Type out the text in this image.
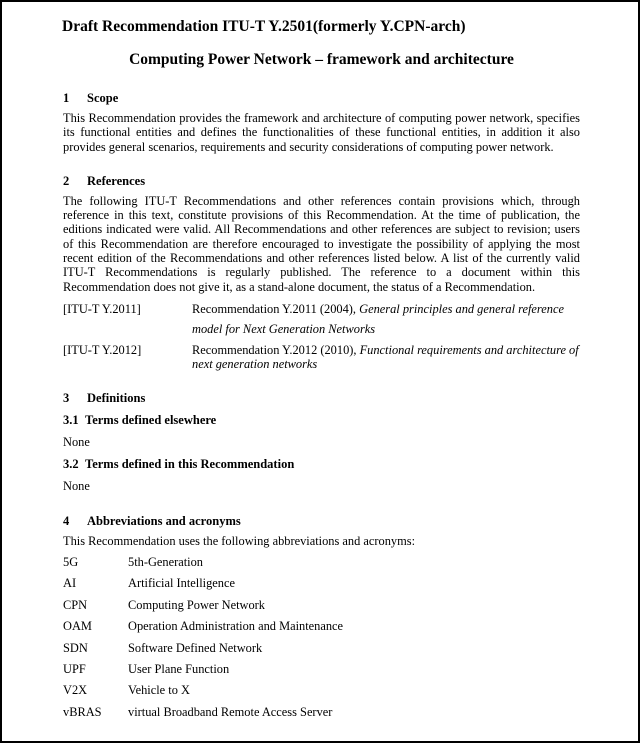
Draft Recommendation ITU-T Y.2501(formerly Y.CPN-arch)
Computing Power Network – framework and architecture
1	Scope

This Recommendation provides the framework and architecture of computing power network, specifies its functional entities and defines the functionalities of these functional entities, in addition it also provides general scenarios, requirements and security considerations of computing power network.

2	References

The following ITU-T Recommendations and other references contain provisions which, through reference in this text, constitute provisions of this Recommendation. At the time of publication, the editions indicated were valid. All Recommendations and other references are subject to revision; users of this Recommendation are therefore encouraged to investigate the possibility of applying the most recent edition of the Recommendations and other references listed below. A list of the currently valid ITU-T Recommendations is regularly published. The reference to a document within this Recommendation does not give it, as a stand-alone document, the status of a Recommendation.

[ITU-T Y.2011]	Recommendation Y.2011 (2004), General principles and general reference model for Next Generation Networks
[ITU-T Y.2012]	Recommendation Y.2012 (2010), Functional requirements and architecture of next generation networks
3	Definitions
3.1 Terms defined elsewhere
None
3.2 Terms defined in this Recommendation
None
4	Abbreviations and acronyms
This Recommendation uses the following abbreviations and acronyms:
5G	5th-Generation
AI	Artificial Intelligence
CPN	Computing Power Network
OAM	Operation Administration and Maintenance
SDN	Software Defined Network
UPF	User Plane Function
V2X	Vehicle to X
vBRAS	virtual Broadband Remote Access Server
